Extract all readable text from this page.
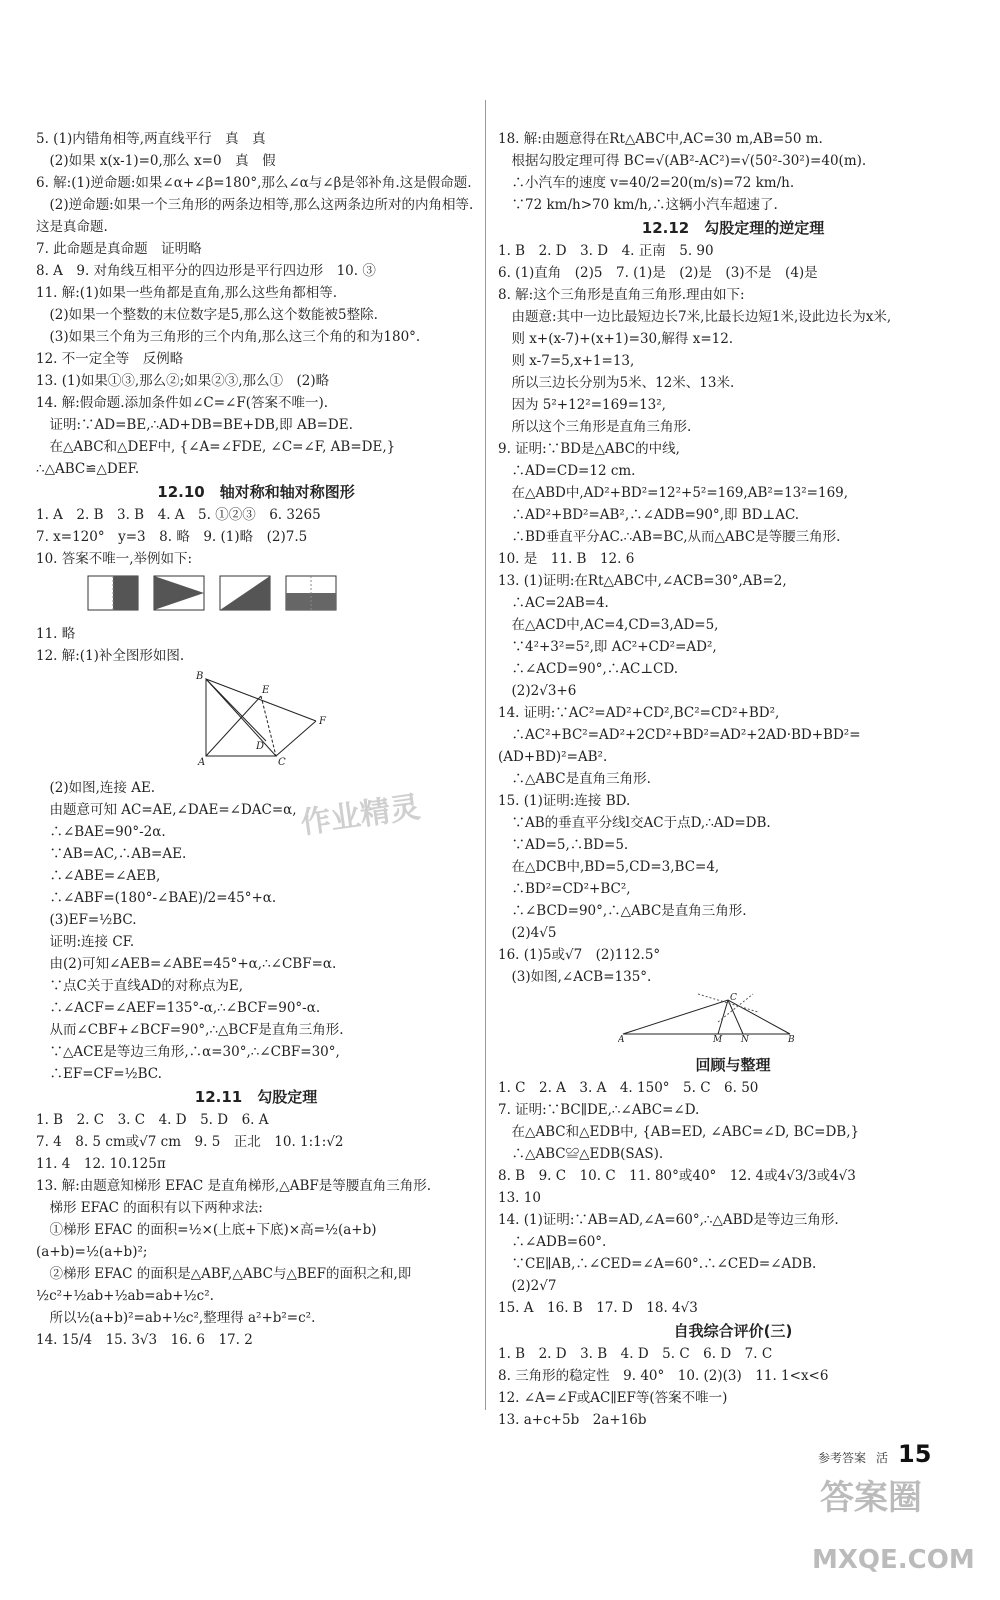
5. (1)内错角相等,两直线平行　真　真
　(2)如果 x(x-1)=0,那么 x=0　真　假
6. 解:(1)逆命题:如果∠α+∠β=180°,那么∠α与∠β是邻补角.这是假命题.
　(2)逆命题:如果一个三角形的两条边相等,那么这两条边所对的内角相等.这是真命题.
7. 此命题是真命题　证明略
8. A　9. 对角线互相平分的四边形是平行四边形　10. ③
11. 解:(1)如果一些角都是直角,那么这些角都相等.
　(2)如果一个整数的末位数字是5,那么这个数能被5整除.
　(3)如果三个角为三角形的三个内角,那么这三个角的和为180°.
12. 不一定全等　反例略
13. (1)如果①③,那么②;如果②③,那么①　(2)略
14. 解:假命题.添加条件如∠C=∠F(答案不唯一).
　证明:∵AD=BE,∴AD+DB=BE+DB,即 AB=DE.
　在△ABC和△DEF中, {∠A=∠FDE, ∠C=∠F, AB=DE,} ∴△ABC≌△DEF.
12.10　轴对称和轴对称图形
1. A　2. B　3. B　4. A　5. ①②③　6. 3265
7. x=120°　y=3　8. 略　9. (1)略　(2)7.5
10. 答案不唯一,举例如下:
11. 略
12. 解:(1)补全图形如图.
B
E
F
D
A	C
　(2)如图,连接 AE.
　由题意可知 AC=AE,∠DAE=∠DAC=α,
　∴∠BAE=90°-2α.
　∵AB=AC,∴AB=AE.
　∴∠ABE=∠AEB,
　∴∠ABF=(180°-∠BAE)/2=45°+α.
　(3)EF=½BC.
　证明:连接 CF.
　由(2)可知∠AEB=∠ABE=45°+α,∴∠CBF=α.
　∵点C关于直线AD的对称点为E,
　∴∠ACF=∠AEF=135°-α,∴∠BCF=90°-α.
　从而∠CBF+∠BCF=90°,∴△BCF是直角三角形.
　∵△ACE是等边三角形,∴α=30°,∴∠CBF=30°,
　∴EF=CF=½BC.
12.11　勾股定理
1. B　2. C　3. C　4. D　5. D　6. A
7. 4　8. 5 cm或√7 cm　9. 5　正北　10. 1:1:√2
11. 4　12. 10.125π
13. 解:由题意知梯形 EFAC 是直角梯形,△ABF是等腰直角三角形.
　梯形 EFAC 的面积有以下两种求法:
　①梯形 EFAC 的面积=½×(上底+下底)×高=½(a+b)(a+b)=½(a+b)²;
　②梯形 EFAC 的面积是△ABF,△ABC与△BEF的面积之和,即½c²+½ab+½ab=ab+½c².
　所以½(a+b)²=ab+½c²,整理得 a²+b²=c².
14. 15/4　15. 3√3　16. 6　17. 2
18. 解:由题意得在Rt△ABC中,AC=30 m,AB=50 m.
　根据勾股定理可得 BC=√(AB²-AC²)=√(50²-30²)=40(m).
　∴小汽车的速度 v=40/2=20(m/s)=72 km/h.
　∵72 km/h>70 km/h,∴这辆小汽车超速了.
12.12　勾股定理的逆定理
1. B　2. D　3. D　4. 正南　5. 90
6. (1)直角　(2)5　7. (1)是　(2)是　(3)不是　(4)是
8. 解:这个三角形是直角三角形.理由如下:
　由题意:其中一边比最短边长7米,比最长边短1米,设此边长为x米,
　则 x+(x-7)+(x+1)=30,解得 x=12.
　则 x-7=5,x+1=13,
　所以三边长分别为5米、12米、13米.
　因为 5²+12²=169=13²,
　所以这个三角形是直角三角形.
9. 证明:∵BD是△ABC的中线,
　∴AD=CD=12 cm.
　在△ABD中,AD²+BD²=12²+5²=169,AB²=13²=169,
　∴AD²+BD²=AB²,∴∠ADB=90°,即 BD⊥AC.
　∴BD垂直平分AC.∴AB=BC,从而△ABC是等腰三角形.
10. 是　11. B　12. 6
13. (1)证明:在Rt△ABC中,∠ACB=30°,AB=2,
　∴AC=2AB=4.
　在△ACD中,AC=4,CD=3,AD=5,
　∵4²+3²=5²,即 AC²+CD²=AD²,
　∴∠ACD=90°,∴AC⊥CD.
　(2)2√3+6
14. 证明:∵AC²=AD²+CD²,BC²=CD²+BD²,
　∴AC²+BC²=AD²+2CD²+BD²=AD²+2AD·BD+BD²=(AD+BD)²=AB².
　∴△ABC是直角三角形.
15. (1)证明:连接 BD.
　∵AB的垂直平分线l交AC于点D,∴AD=DB.
　∵AD=5,∴BD=5.
　在△DCB中,BD=5,CD=3,BC=4,
　∴BD²=CD²+BC²,
　∴∠BCD=90°,∴△ABC是直角三角形.
　(2)4√5
16. (1)5或√7　(2)112.5°
　(3)如图,∠ACB=135°.
C
A	M N	B
回顾与整理
1. C　2. A　3. A　4. 150°　5. C　6. 50
7. 证明:∵BC∥DE,∴∠ABC=∠D.
　在△ABC和△EDB中, {AB=ED, ∠ABC=∠D, BC=DB,}
　∴△ABC≌△EDB(SAS).
8. B　9. C　10. C　11. 80°或40°　12. 4或4√3/3或4√3
13. 10
14. (1)证明:∵AB=AD,∠A=60°,∴△ABD是等边三角形.
　∴∠ADB=60°.
　∵CE∥AB,∴∠CED=∠A=60°.∴∠CED=∠ADB.
　(2)2√7
15. A　16. B　17. D　18. 4√3
自我综合评价(三)
1. B　2. D　3. B　4. D　5. C　6. D　7. C
8. 三角形的稳定性　9. 40°　10. (2)(3)　11. 1<x<6
12. ∠A=∠F或AC∥EF等(答案不唯一)
13. a+c+5b　2a+16b
参考答案 活 15
作业精灵
答案圈
MXQE.COM
